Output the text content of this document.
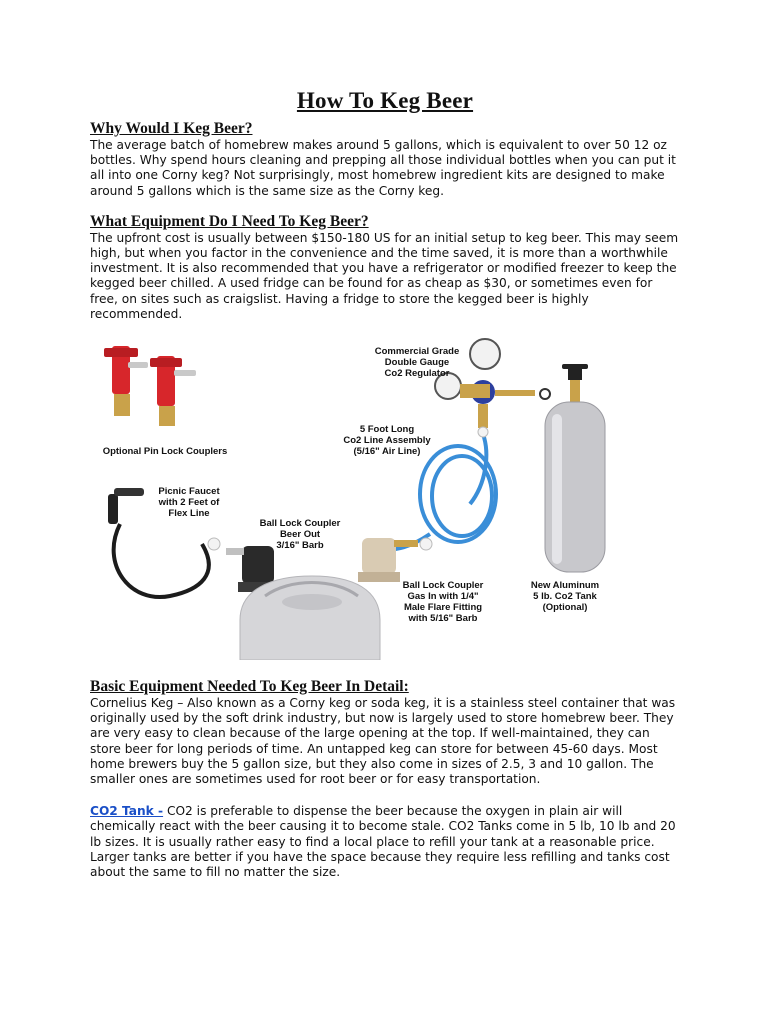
How To Keg Beer
Why Would I Keg Beer?

The average batch of homebrew makes around 5 gallons, which is equivalent to over 50 12 oz bottles. Why spend hours cleaning and prepping all those individual bottles when you can put it all into one Corny keg? Not surprisingly, most homebrew ingredient kits are designed to make around 5 gallons which is the same size as the Corny keg.

What Equipment Do I Need To Keg Beer?

The upfront cost is usually between $150-180 US for an initial setup to keg beer. This may seem high, but when you factor in the convenience and the time saved, it is more than a worthwhile investment. It is also recommended that you have a refrigerator or modified freezer to keep the kegged beer chilled. A used fridge can be found for as cheap as $30, or sometimes even for free, on sites such as craigslist. Having a fridge to store the kegged beer is highly recommended.

Optional Pin Lock Couplers
Commercial Grade
Double Gauge
Co2 Regulator
5 Foot Long
Co2 Line Assembly
(5/16" Air Line)
Picnic Faucet
with 2 Feet of
Flex Line
Ball Lock Coupler
Beer Out
3/16" Barb
Ball Lock Coupler
Gas In with 1/4"
Male Flare Fitting
with 5/16" Barb
New Aluminum
5 lb. Co2 Tank
(Optional)
Basic Equipment Needed To Keg Beer In Detail:

Cornelius Keg – Also known as a Corny keg or soda keg, it is a stainless steel container that was originally used by the soft drink industry, but now is largely used to store homebrew beer. They are very easy to clean because of the large opening at the top. If well-maintained, they can store beer for long periods of time. An untapped keg can store for between 45-60 days. Most home brewers buy the 5 gallon size, but they also come in sizes of 2.5, 3 and 10 gallon. The smaller ones are sometimes used for root beer or for easy transportation.

CO2 Tank - CO2 is preferable to dispense the beer because the oxygen in plain air will chemically react with the beer causing it to become stale. CO2 Tanks come in 5 lb, 10 lb and 20 lb sizes. It is usually rather easy to find a local place to refill your tank at a reasonable price. Larger tanks are better if you have the space because they require less refilling and tanks cost about the same to fill no matter the size.
